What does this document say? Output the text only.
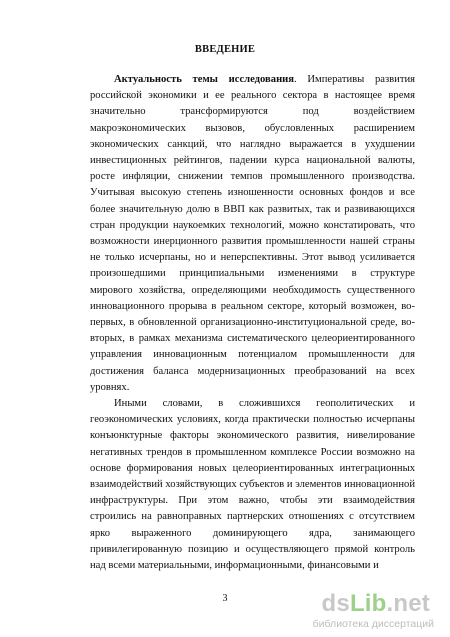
ВВЕДЕНИЕ

Актуальность темы исследования. Императивы развития российской экономики и ее реального сектора в настоящее время значительно трансформируются под воздействием макроэкономических вызовов, обусловленных расширением экономических санкций, что наглядно выражается в ухудшении инвестиционных рейтингов, падении курса национальной валюты, росте инфляции, снижении темпов промышленного производства. Учитывая высокую степень изношенности основных фондов и все более значительную долю в ВВП как развитых, так и развивающихся стран продукции наукоемких технологий, можно констатировать, что возможности инерционного развития промышленности нашей страны не только исчерпаны, но и неперспективны. Этот вывод усиливается произошедшими принципиальными изменениями в структуре мирового хозяйства, определяющими необходимость существенного инновационного прорыва в реальном секторе, который возможен, во-первых, в обновленной организационно-институциональной среде, во-вторых, в рамках механизма систематического целеориентированного управления инновационным потенциалом промышленности для достижения баланса модернизационных преобразований на всех уровнях.

Иными словами, в сложившихся геополитических и геоэкономических условиях, когда практически полностью исчерпаны конъюнктурные факторы экономического развития, нивелирование негативных трендов в промышленном комплексе России возможно на основе формирования новых целеориентированных интеграционных взаимодействий хозяйствующих субъектов и элементов инновационной инфраструктуры. При этом важно, чтобы эти взаимодействия строились на равноправных партнерских отношениях с отсутствием ярко выраженного доминирующего ядра, занимающего привилегированную позицию и осуществляющего прямой контроль над всеми материальными, информационными, финансовыми и

3	dsLib.net
библиотека диссертаций
